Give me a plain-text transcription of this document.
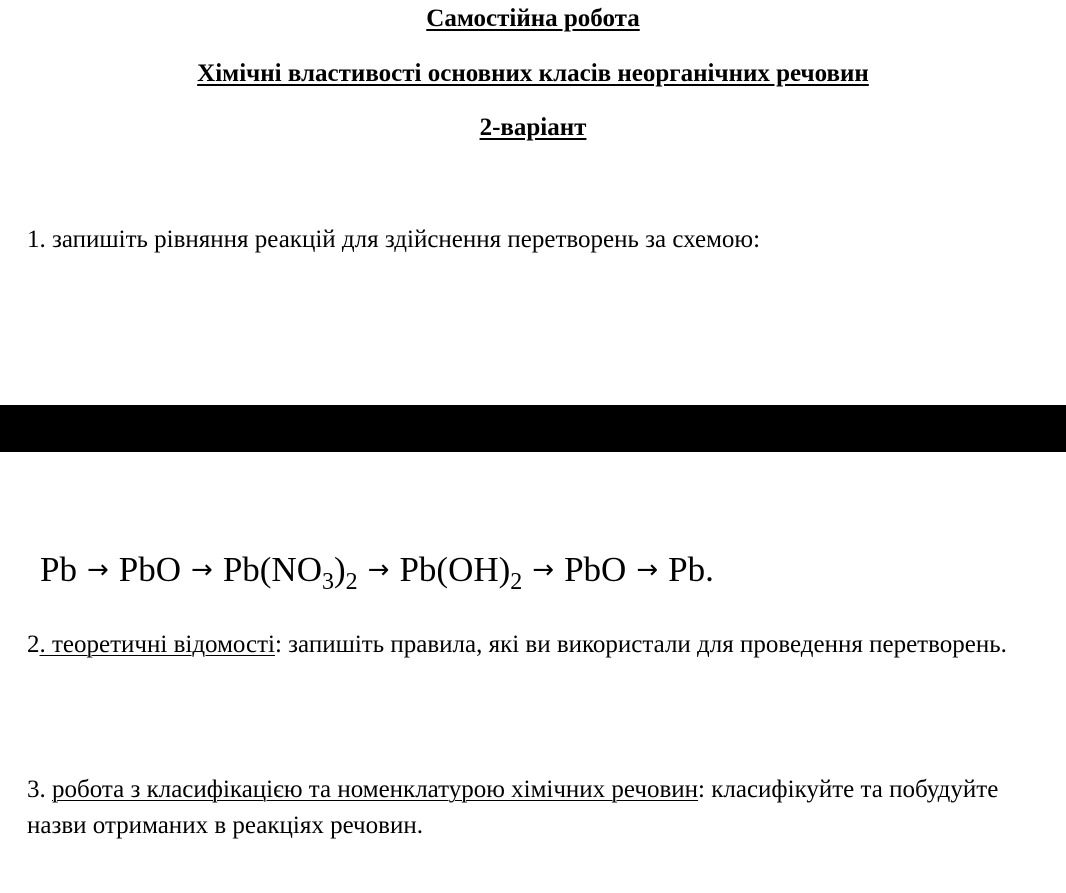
Самостійна робота
Хімічні властивості основних класів неорганічних речовин
2-варіант
1. запишіть рівняння реакцій для здійснення перетворень за схемою:
Pb → PbO → $Pb(NO_3)_2 \to Pb(OH)_2$ → PbO → Pb.
2. теоретичні відомості: запишіть правила, які ви використали для проведення перетворень.
3. робота з класифікацією та номенклатурою хімічних речовин: класифікуйте та побудуйте назви отриманих в реакціях речовин.
